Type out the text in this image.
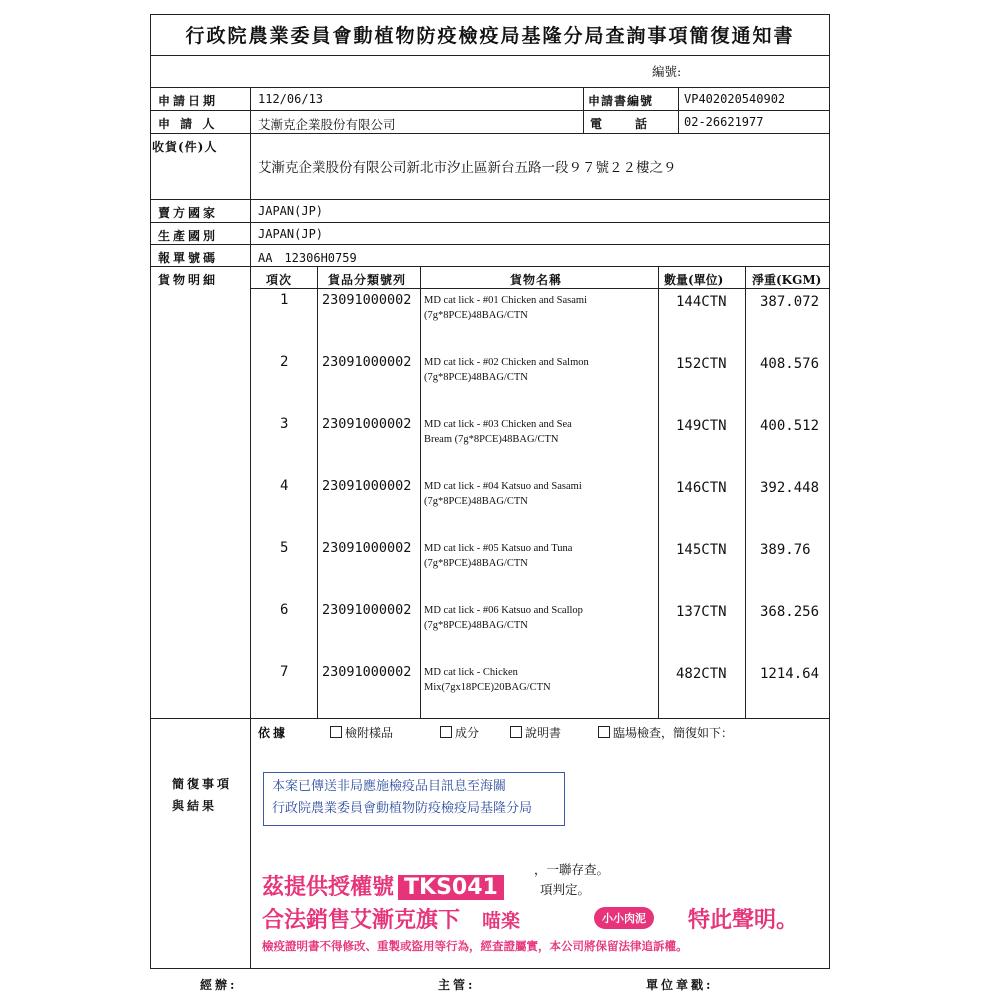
行政院農業委員會動植物防疫檢疫局基隆分局查詢事項簡復通知書
編號:
申請日期	112/06/13	申請書編號	VP402020540902
申 請 人	艾漸克企業股份有限公司	電　　話	02-26621977
收貨(件)人
艾漸克企業股份有限公司新北市汐止區新台五路一段９７號２２樓之９
賣方國家	JAPAN(JP)
生產國別	JAPAN(JP)
報單號碼	AA　12306H0759
貨物明細	項次	貨品分類號列	貨物名稱	數量(單位) 淨重(KGM)
1 23091000002 MD cat lick - #01 Chicken and Sasami
(7g*8PCE)48BAG/CTN
144CTN 387.072
2 23091000002 MD cat lick - #02 Chicken and Salmon
(7g*8PCE)48BAG/CTN
152CTN 408.576
3 23091000002 MD cat lick - #03 Chicken and Sea
Bream (7g*8PCE)48BAG/CTN
149CTN 400.512
4 23091000002 MD cat lick - #04 Katsuo and Sasami
(7g*8PCE)48BAG/CTN
146CTN 392.448
5 23091000002 MD cat lick - #05 Katsuo and Tuna
(7g*8PCE)48BAG/CTN
145CTN 389.76
6 23091000002 MD cat lick - #06 Katsuo and Scallop
(7g*8PCE)48BAG/CTN
137CTN 368.256
7 23091000002 MD cat lick - Chicken
Mix(7gx18PCE)20BAG/CTN
482CTN 1214.64
依據	檢附樣品	成分	說明書	臨場檢查，簡復如下：
簡復事項
與結果
本案已傳送非局應施檢疫品目訊息至海關
行政院農業委員會動植物防疫檢疫局基隆分局
，一聯存查。
項判定。
茲提供授權號 TKS041
合法銷售艾漸克旗下　 喵楽	小小肉泥	特此聲明。
檢疫證明書不得修改、重製或盜用等行為，經查證屬實，本公司將保留法律追訴權。
經辦:	主管:	單位章戳:
